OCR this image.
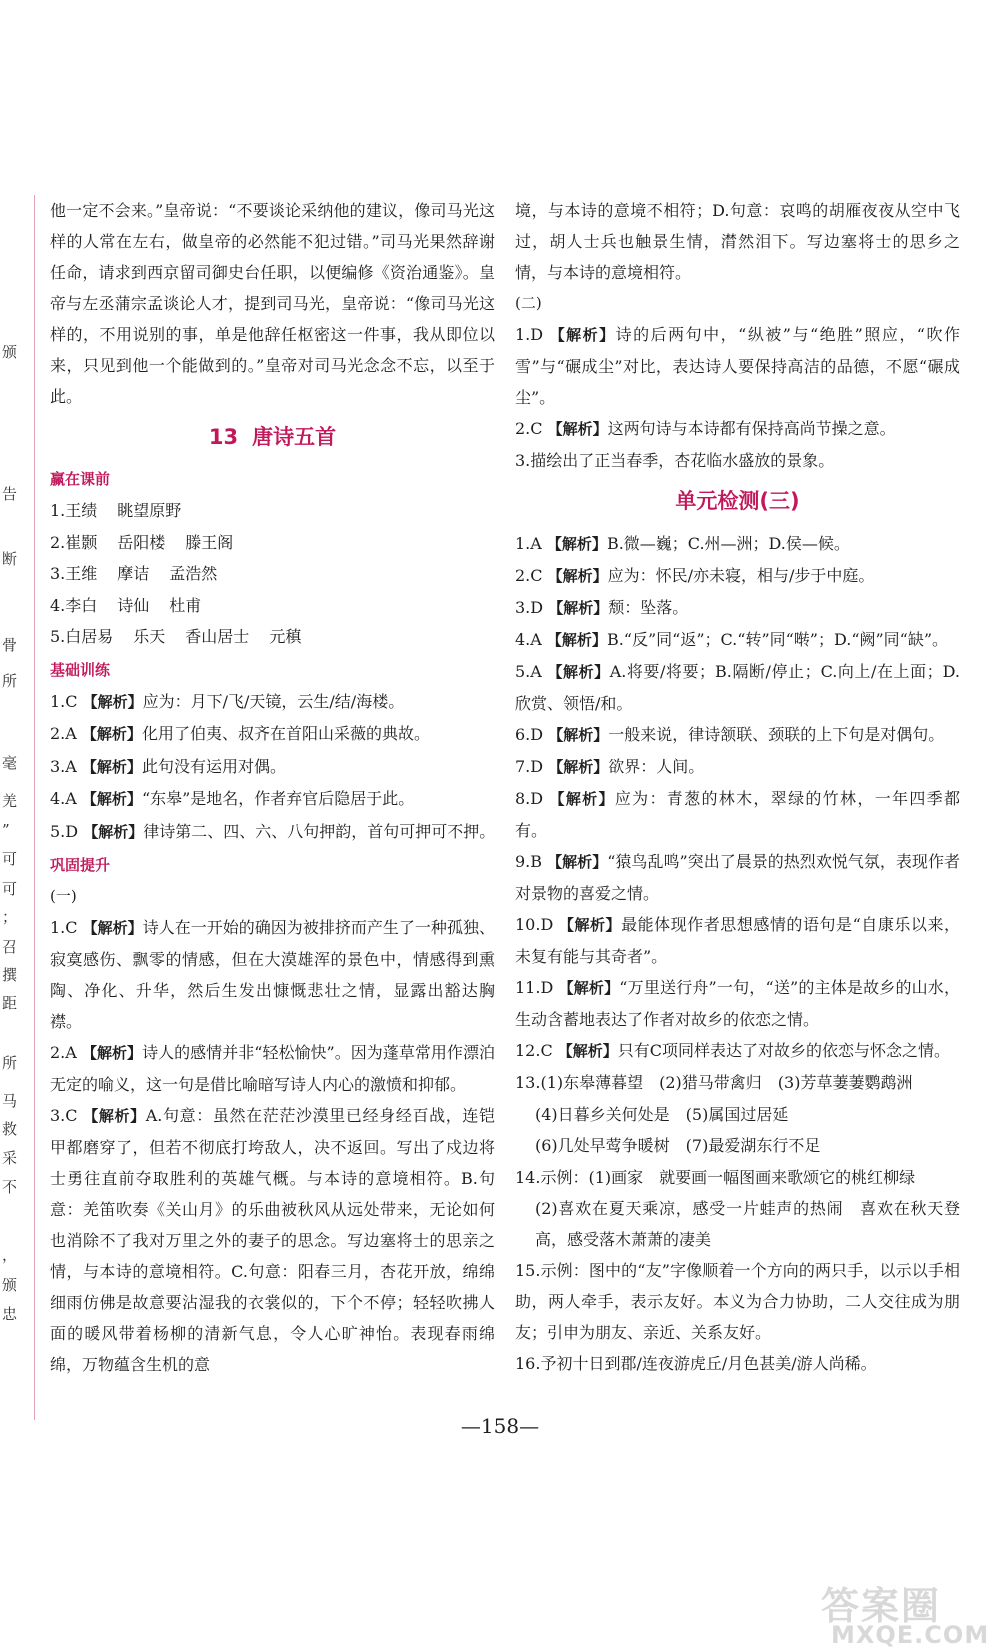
颁
告
断
骨
所
毫
羌
”
可
可
；
召
撰
距
所
马
救
采
不
，
颁
忠

他一定不会来。”皇帝说：“不要谈论采纳他的建议，像司马光这样的人常在左右，做皇帝的必然能不犯过错。”司马光果然辞谢任命，请求到西京留司御史台任职，以便编修《资治通鉴》。皇帝与左丞蒲宗孟谈论人才，提到司马光，皇帝说：“像司马光这样的，不用说别的事，单是他辞任枢密这一件事，我从即位以来，只见到他一个能做到的。”皇帝对司马光念念不忘，以至于此。

13 唐诗五首
赢在课前

1.王绩 眺望原野

2.崔颢 岳阳楼 滕王阁

3.王维 摩诘 孟浩然

4.李白 诗仙 杜甫

5.白居易 乐天 香山居士 元稹

基础训练

1.C 【解析】应为：月下/飞/天镜，云生/结/海楼。

2.A 【解析】化用了伯夷、叔齐在首阳山采薇的典故。

3.A 【解析】此句没有运用对偶。

4.A 【解析】“东皋”是地名，作者弃官后隐居于此。

5.D 【解析】律诗第二、四、六、八句押韵，首句可押可不押。

巩固提升

(一)

1.C 【解析】诗人在一开始的确因为被排挤而产生了一种孤独、寂寞感伤、飘零的情感，但在大漠雄浑的景色中，情感得到熏陶、净化、升华，然后生发出慷慨悲壮之情，显露出豁达胸襟。

2.A 【解析】诗人的感情并非“轻松愉快”。因为蓬草常用作漂泊无定的喻义，这一句是借比喻暗写诗人内心的激愤和抑郁。

3.C 【解析】A.句意：虽然在茫茫沙漠里已经身经百战，连铠甲都磨穿了，但若不彻底打垮敌人，决不返回。写出了戍边将士勇往直前夺取胜利的英雄气概。与本诗的意境相符。B.句意：羌笛吹奏《关山月》的乐曲被秋风从远处带来，无论如何也消除不了我对万里之外的妻子的思念。写边塞将士的思亲之情，与本诗的意境相符。C.句意：阳春三月，杏花开放，绵绵细雨仿佛是故意要沾湿我的衣裳似的，下个不停；轻轻吹拂人面的暖风带着杨柳的清新气息，令人心旷神怡。表现春雨绵绵，万物蕴含生机的意

境，与本诗的意境不相符；D.句意：哀鸣的胡雁夜夜从空中飞过，胡人士兵也触景生情，潸然泪下。写边塞将士的思乡之情，与本诗的意境相符。

(二)

1.D 【解析】诗的后两句中，“纵被”与“绝胜”照应，“吹作雪”与“碾成尘”对比，表达诗人要保持高洁的品德，不愿“碾成尘”。

2.C 【解析】这两句诗与本诗都有保持高尚节操之意。

3.描绘出了正当春季，杏花临水盛放的景象。

单元检测(三)

1.A 【解析】B.微—巍；C.州—洲；D.侯—候。

2.C 【解析】应为：怀民/亦未寝，相与/步于中庭。

3.D 【解析】颓：坠落。

4.A 【解析】B.“反”同“返”；C.“转”同“啭”；D.“阙”同“缺”。

5.A 【解析】A.将要/将要；B.隔断/停止；C.向上/在上面；D.欣赏、领悟/和。

6.D 【解析】一般来说，律诗颔联、颈联的上下句是对偶句。

7.D 【解析】欲界：人间。

8.D 【解析】应为：青葱的林木，翠绿的竹林，一年四季都有。

9.B 【解析】“猿鸟乱鸣”突出了晨景的热烈欢悦气氛，表现作者对景物的喜爱之情。

10.D 【解析】最能体现作者思想感情的语句是“自康乐以来，未复有能与其奇者”。

11.D 【解析】“万里送行舟”一句，“送”的主体是故乡的山水，生动含蓄地表达了作者对故乡的依恋之情。

12.C 【解析】只有C项同样表达了对故乡的依恋与怀念之情。

13.(1)东皋薄暮望　(2)猎马带禽归　(3)芳草萋萋鹦鹉洲

(4)日暮乡关何处是　(5)属国过居延

(6)几处早莺争暖树　(7)最爱湖东行不足

14.示例：(1)画家　就要画一幅图画来歌颂它的桃红柳绿

(2)喜欢在夏天乘凉，感受一片蛙声的热闹　喜欢在秋天登高，感受落木萧萧的凄美

15.示例：图中的“友”字像顺着一个方向的两只手，以示以手相助，两人牵手，表示友好。本义为合力协助，二人交往成为朋友；引申为朋友、亲近、关系友好。

16.予初十日到郡/连夜游虎丘/月色甚美/游人尚稀。

—158—
答案圈
MXQE.COM
